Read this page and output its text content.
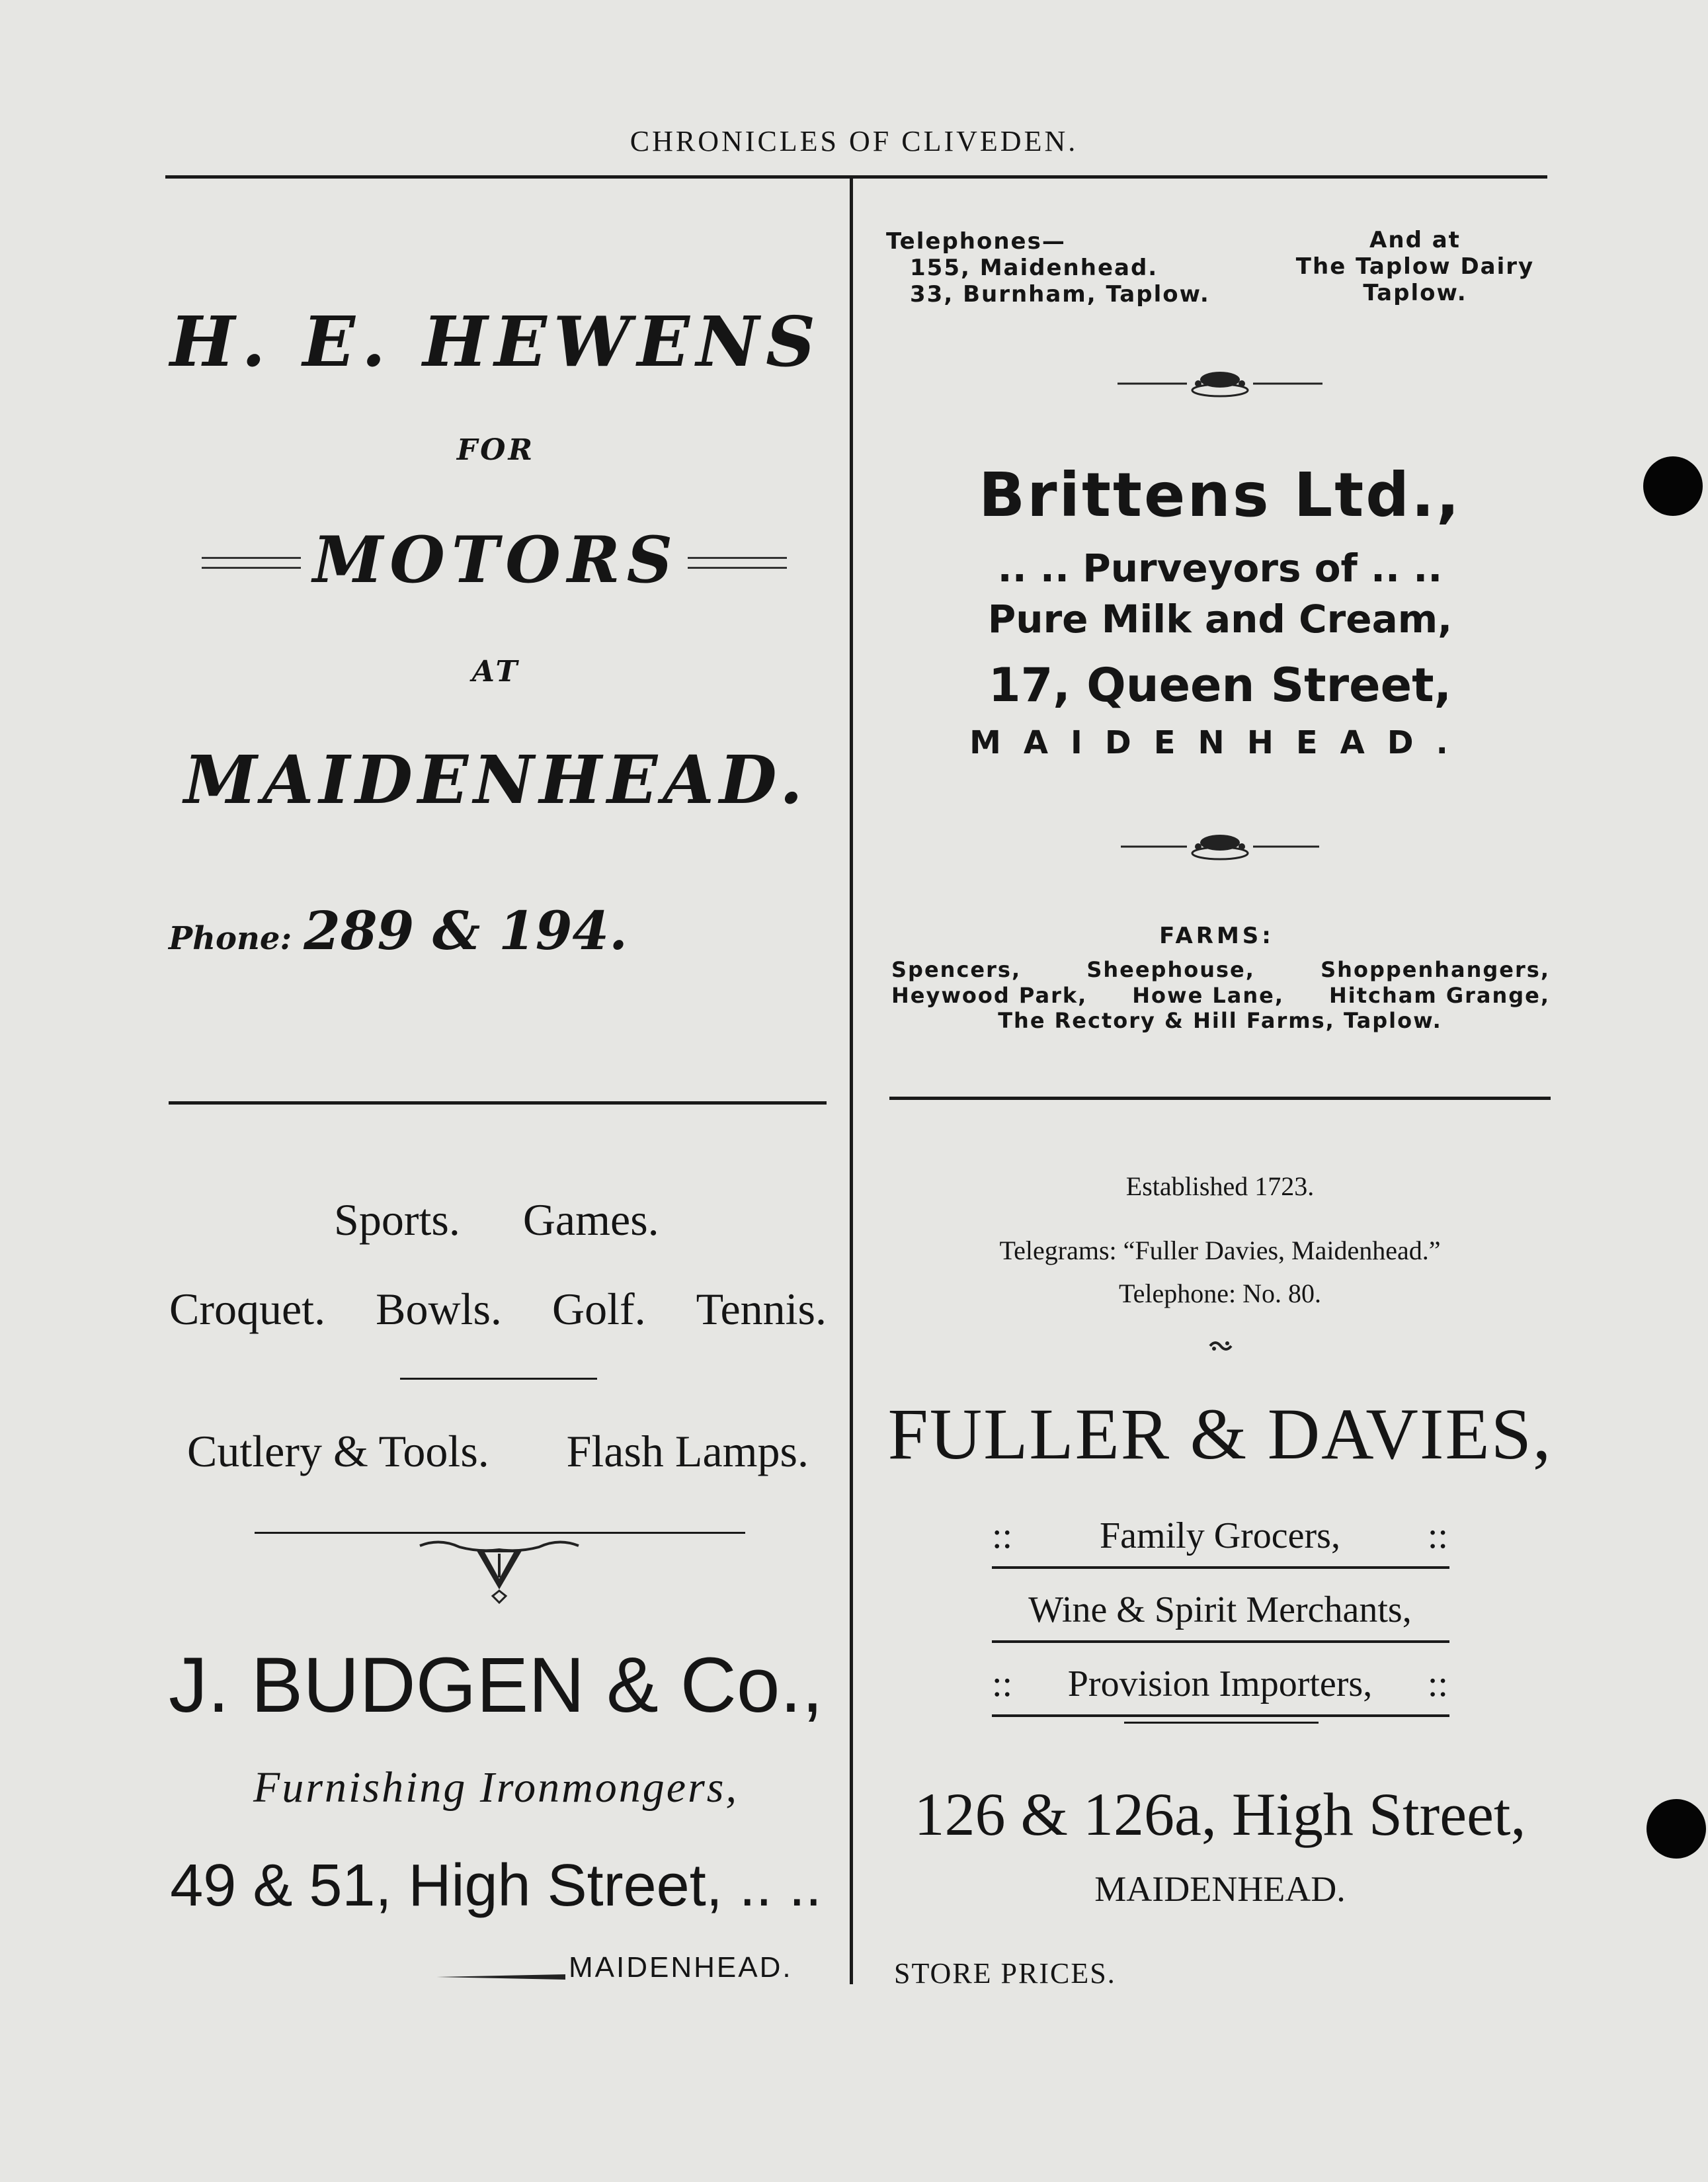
CHRONICLES OF CLIVEDEN.
H. E. HEWENS
FOR
MOTORS
AT
MAIDENHEAD.
Phone: 289 & 194.
Telephones—
155, Maidenhead.
33, Burnham, Taplow.
And at
The Taplow Dairy
Taplow.
Brittens Ltd.,
.. .. Purveyors of .. ..
Pure Milk and Cream,
17, Queen Street,
MAIDENHEAD.
FARMS:
Spencers,	Sheephouse,	Shoppenhangers,
Heywood Park, Howe Lane, Hitcham Grange,
The Rectory & Hill Farms, Taplow.
Sports. Games.
Croquet. Bowls. Golf. Tennis.
Cutlery & Tools. Flash Lamps.
J. BUDGEN & Co.,
Furnishing Ironmongers,
49 & 51, High Street, .. ..
MAIDENHEAD.
Established 1723.
Telegrams: “Fuller Davies, Maidenhead.”
Telephone: No. 80.
FULLER & DAVIES,
::	Family Grocers,	::
Wine & Spirit Merchants,
::	Provision Importers,	::
126 & 126a, High Street,
MAIDENHEAD.
STORE PRICES.
